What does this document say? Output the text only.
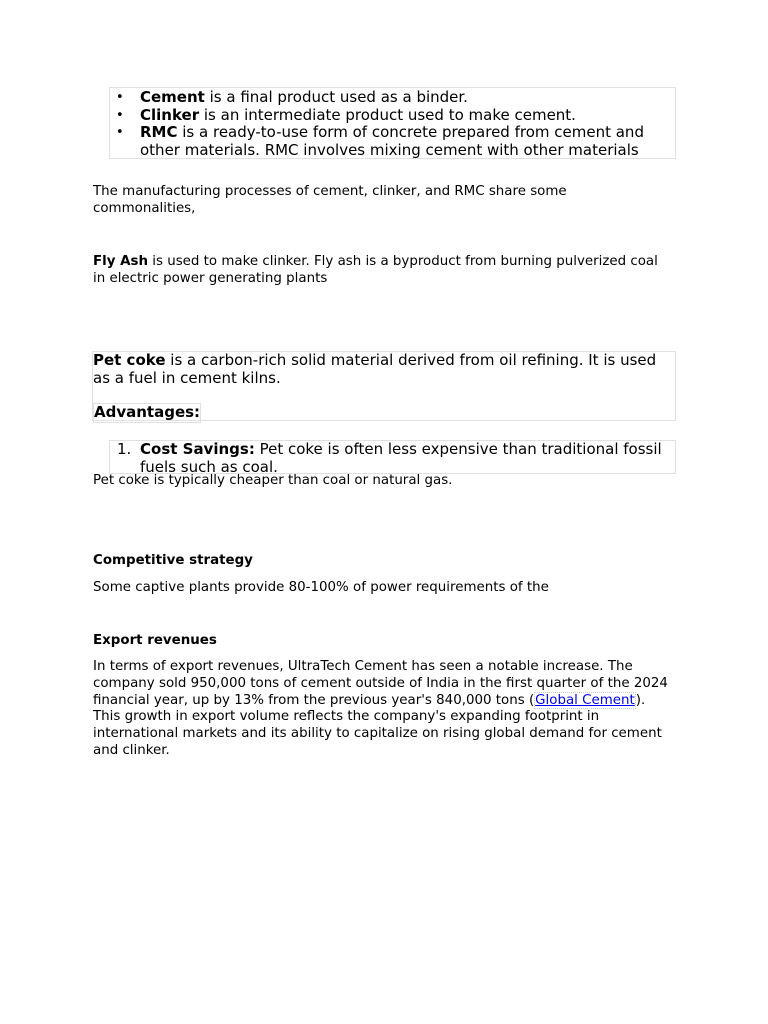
• Cement is a final product used as a binder.
• Clinker is an intermediate product used to make cement.
• RMC is a ready-to-use form of concrete prepared from cement and other materials. RMC involves mixing cement with other materials
The manufacturing processes of cement, clinker, and RMC share some commonalities,
Fly Ash is used to make clinker. Fly ash is a byproduct from burning pulverized coal in electric power generating plants
Pet coke is a carbon-rich solid material derived from oil refining. It is used as a fuel in cement kilns.
Advantages:
1. Cost Savings: Pet coke is often less expensive than traditional fossil fuels such as coal.
Pet coke is typically cheaper than coal or natural gas.
Competitive strategy
Some captive plants provide 80-100% of power requirements of the
Export revenues
In terms of export revenues, UltraTech Cement has seen a notable increase. The company sold 950,000 tons of cement outside of India in the first quarter of the 2024 financial year, up by 13% from the previous year's 840,000 tons (Global Cement). This growth in export volume reflects the company's expanding footprint in international markets and its ability to capitalize on rising global demand for cement and clinker.
